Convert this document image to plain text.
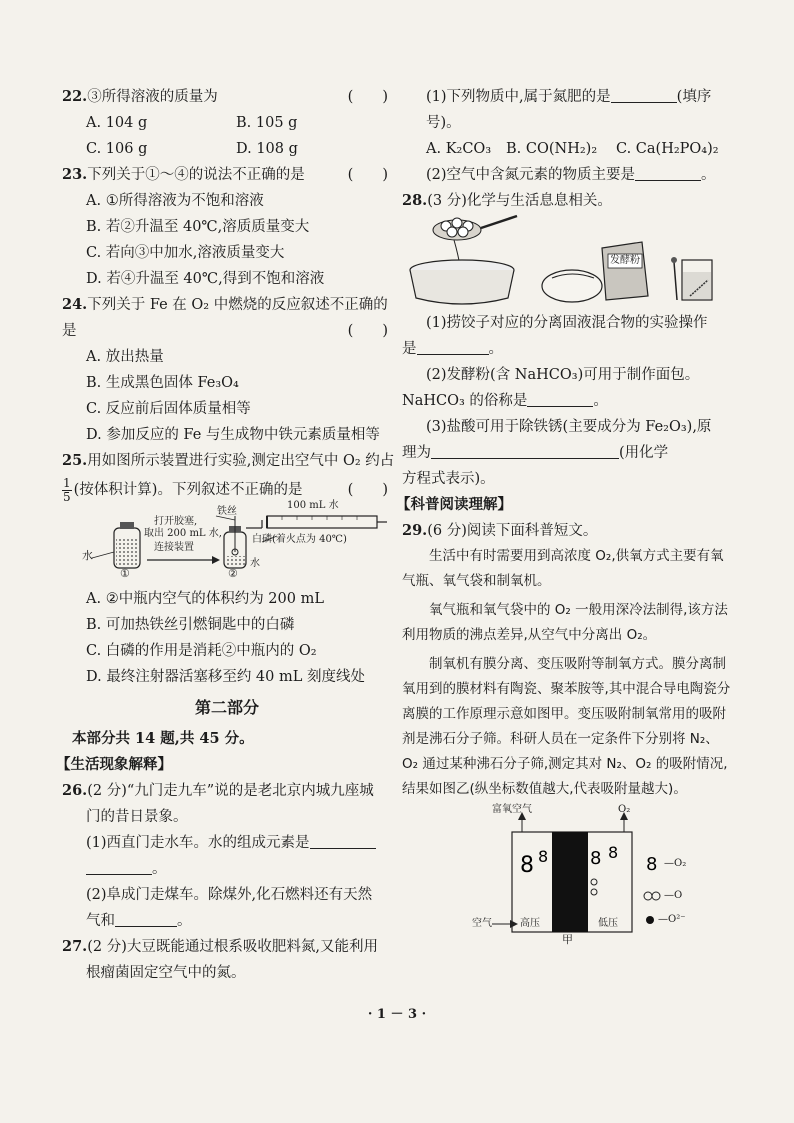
22.③所得溶液的质量为	(　　)
A. 104 g	B. 105 g
C. 106 g	D. 108 g
23.下列关于①～④的说法不正确的是	(　　)
A. ①所得溶液为不饱和溶液
B. 若②升温至 40℃,溶质质量变大
C. 若向③中加水,溶液质量变大
D. 若④升温至 40℃,得到不饱和溶液
24.下列关于 Fe 在 O₂ 中燃烧的反应叙述不正确的
是	(　　)
A. 放出热量
B. 生成黑色固体 Fe₃O₄
C. 反应前后固体质量相等
D. 参加反应的 Fe 与生成物中铁元素质量相等
25.用如图所示装置进行实验,测定出空气中 O₂ 约占
$\frac{1}{5}$ (按体积计算)。下列叙述不正确的是	(　　)
铁丝
100 mL 水
打开胶塞,
取出 200 mL 水,
连接装置
白磷(着火点为 40℃)
水
水
①	②
A. ②中瓶内空气的体积约为 200 mL
B. 可加热铁丝引燃铜匙中的白磷
C. 白磷的作用是消耗②中瓶内的 O₂
D. 最终注射器活塞移至约 40 mL 刻度线处
第二部分
本部分共 14 题,共 45 分。
【生活现象解释】
26.(2 分)“九门走九车”说的是老北京内城九座城
门的昔日景象。
(1)西直门走水车。水的组成元素是
。
(2)阜成门走煤车。除煤外,化石燃料还有天然
气和	。
27.(2 分)大豆既能通过根系吸收肥料氮,又能利用
根瘤菌固定空气中的氮。
(1)下列物质中,属于氮肥的是	(填序
号)。
A. K₂CO₃	B. CO(NH₂)₂	C. Ca(H₂PO₄)₂
(2)空气中含氮元素的物质主要是	。
28.(3 分)化学与生活息息相关。
发酵粉
(1)捞饺子对应的分离固液混合物的实验操作
是	。
(2)发酵粉(含 NaHCO₃)可用于制作面包。
NaHCO₃ 的俗称是	。
(3)盐酸可用于除铁锈(主要成分为 Fe₂O₃),原
理为	(用化学
方程式表示)。
【科普阅读理解】
29.(6 分)阅读下面科普短文。
生活中有时需要用到高浓度 O₂,供氧方式主要有氧气瓶、氧气袋和制氧机。
氧气瓶和氧气袋中的 O₂ 一般用深冷法制得,该方法利用物质的沸点差异,从空气中分离出 O₂。
制氧机有膜分离、变压吸附等制氧方式。膜分离制氧用到的膜材料有陶瓷、聚苯胺等,其中混合导电陶瓷分离膜的工作原理示意如图甲。变压吸附制氧常用的吸附剂是沸石分子筛。科研人员在一定条件下分别将 N₂、O₂ 通过某种沸石分子筛,测定其对 N₂、O₂ 的吸附情况,结果如图乙(纵坐标数值越大,代表吸附量越大)。
8 8 8 8
8
富氧空气	O₂
空气	高压	低压
—O₂
—O
—O²⁻
甲
· 1 － 3 ·
